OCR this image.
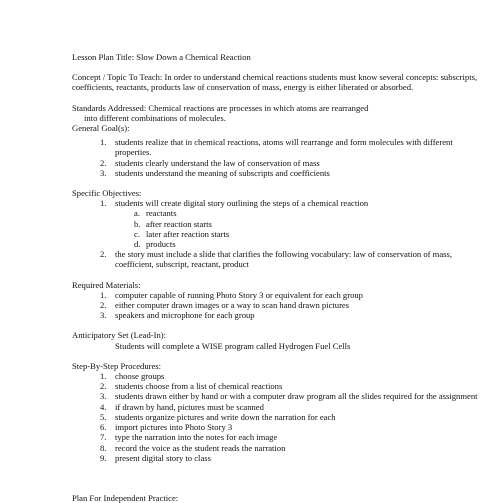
Lesson Plan Title: Slow Down a Chemical Reaction

Concept / Topic To Teach: In order to understand chemical reactions students must know several concepts: subscripts, coefficients, reactants, products law of conservation of mass, energy is either liberated or absorbed.

Standards Addressed: Chemical reactions are processes in which atoms are rearranged

into different combinations of molecules.

General Goal(s):

1. students realize that in chemical reactions, atoms will rearrange and form molecules with different properties.
2. students clearly understand the law of conservation of mass
3. students understand the meaning of subscripts and coefficients

Specific Objectives:

1. students will create digital story outlining the steps of a chemical reaction
a. reactants
b. after reaction starts
c. later after reaction starts
d. products
2. the story must include a slide that clarifies the following vocabulary: law of conservation of mass, coefficient, subscript, reactant, product

Required Materials:

1. computer capable of running Photo Story 3 or equivalent for each group
2. either computer drawn images or a way to scan hand drawn pictures
3. speakers and microphone for each group

Anticipatory Set (Lead-In):

Students will complete a WISE program called Hydrogen Fuel Cells

Step-By-Step Procedures:

1. choose groups
2. students choose from a list of chemical reactions
3. students drawn either by hand or with a computer draw program all the slides required for the assignment
4. if drawn by hand, pictures must be scanned
5. students organize pictures and write down the narration for each
6. import pictures into Photo Story 3
7. type the narration into the notes for each image
8. record the voice as the student reads the narration
9. present digital story to class

Plan For Independent Practice:
